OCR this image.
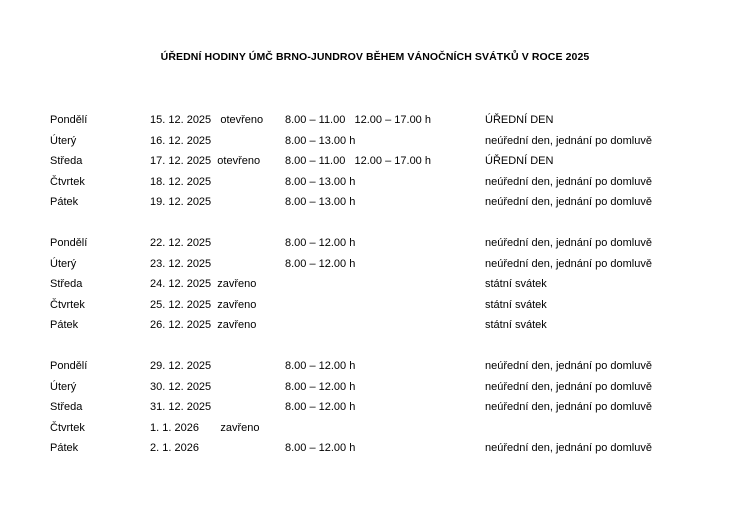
ÚŘEDNÍ HODINY ÚMČ BRNO-JUNDROV BĚHEM VÁNOČNÍCH SVÁTKŮ V ROCE 2025
Pondělí	15. 12. 2025   otevřeno 8.00 – 11.00   12.00 – 17.00 h	ÚŘEDNÍ DEN
Úterý	16. 12. 2025	8.00 – 13.00 h	neúřední den, jednání po domluvě
Středa	17. 12. 2025  otevřeno 8.00 – 11.00   12.00 – 17.00 h	ÚŘEDNÍ DEN
Čtvrtek	18. 12. 2025	8.00 – 13.00 h	neúřední den, jednání po domluvě
Pátek	19. 12. 2025	8.00 – 13.00 h	neúřední den, jednání po domluvě
Pondělí	22. 12. 2025	8.00 – 12.00 h	neúřední den, jednání po domluvě
Úterý	23. 12. 2025	8.00 – 12.00 h	neúřední den, jednání po domluvě
Středa	24. 12. 2025  zavřeno	státní svátek
Čtvrtek	25. 12. 2025  zavřeno	státní svátek
Pátek	26. 12. 2025  zavřeno	státní svátek
Pondělí	29. 12. 2025	8.00 – 12.00 h	neúřední den, jednání po domluvě
Úterý	30. 12. 2025	8.00 – 12.00 h	neúřední den, jednání po domluvě
Středa	31. 12. 2025	8.00 – 12.00 h	neúřední den, jednání po domluvě
Čtvrtek	1. 1. 2026       zavřeno
Pátek	2. 1. 2026	8.00 – 12.00 h	neúřední den, jednání po domluvě
